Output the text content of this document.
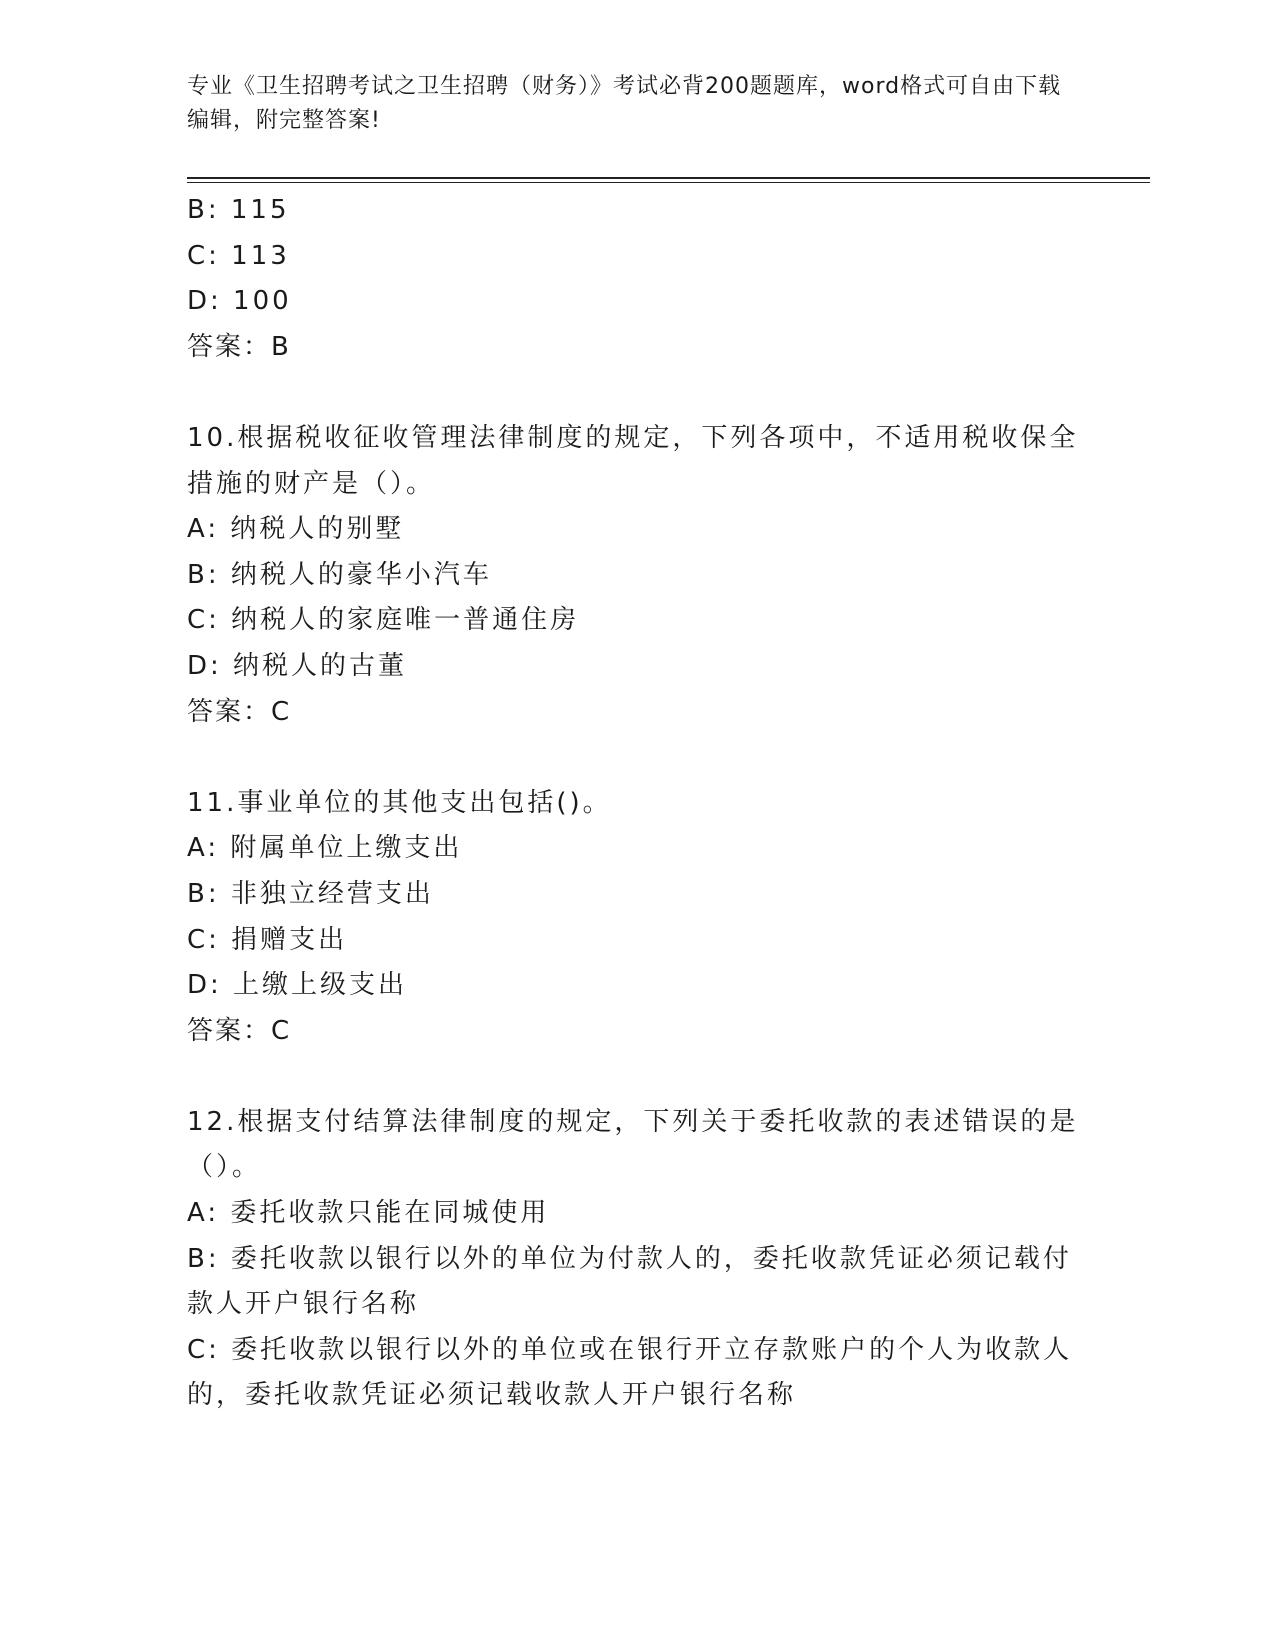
专业《卫生招聘考试之卫生招聘（财务）》考试必背200题题库，word格式可自由下载编辑，附完整答案!

B: 115

C: 113

D: 100

答案：B

10.根据税收征收管理法律制度的规定，下列各项中，不适用税收保全

措施的财产是（）。

A: 纳税人的别墅

B: 纳税人的豪华小汽车

C: 纳税人的家庭唯一普通住房

D: 纳税人的古董

答案：C

11.事业单位的其他支出包括()。

A: 附属单位上缴支出

B: 非独立经营支出

C: 捐赠支出

D: 上缴上级支出

答案：C

12.根据支付结算法律制度的规定，下列关于委托收款的表述错误的是

（）。

A: 委托收款只能在同城使用

B: 委托收款以银行以外的单位为付款人的，委托收款凭证必须记载付

款人开户银行名称

C: 委托收款以银行以外的单位或在银行开立存款账户的个人为收款人

的，委托收款凭证必须记载收款人开户银行名称
